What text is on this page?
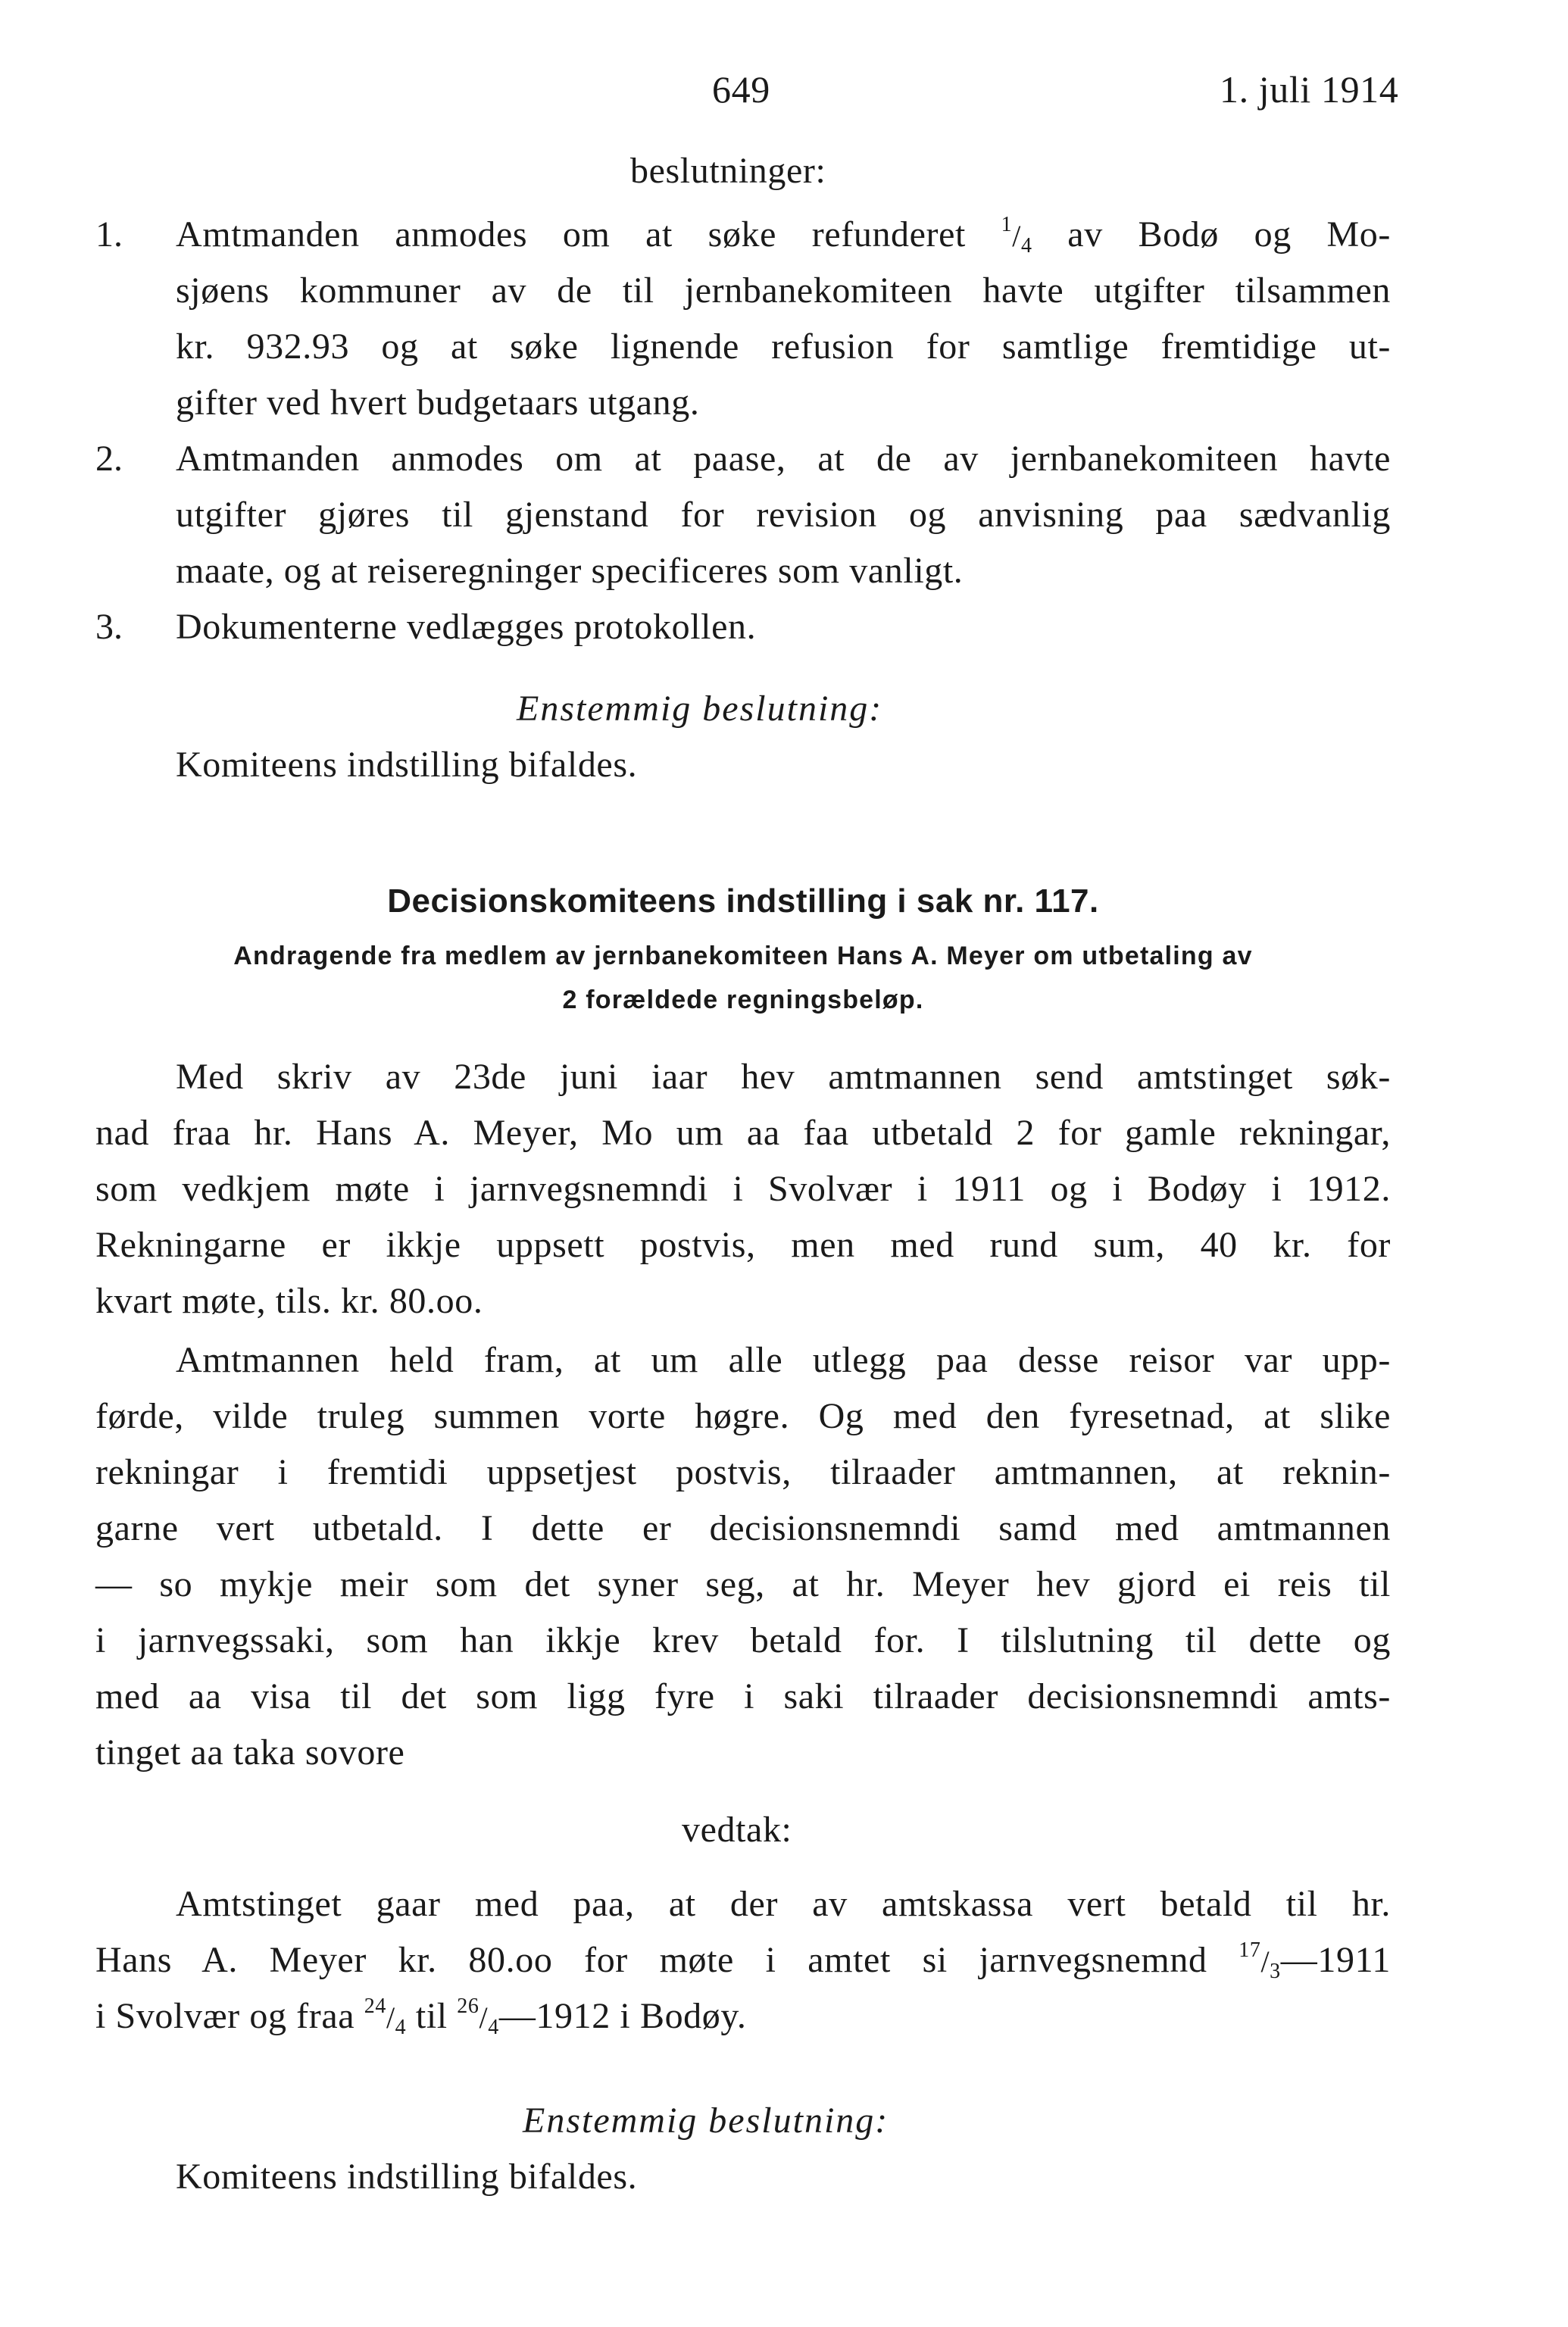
649	1. juli 1914
beslutninger:
1. Amtmanden anmodes om at søke refunderet $^1/_4$ av Bodø og Mo-
sjøens kommuner av de til jernbanekomiteen havte utgifter tilsammen
kr. 932.93 og at søke lignende refusion for samtlige fremtidige ut-
gifter ved hvert budgetaars utgang.
2. Amtmanden anmodes om at paase, at de av jernbanekomiteen havte
utgifter gjøres til gjenstand for revision og anvisning paa sædvanlig
maate, og at reiseregninger specificeres som vanligt.
3. Dokumenterne vedlægges protokollen.
Enstemmig beslutning:
Komiteens indstilling bifaldes.
Decisionskomiteens indstilling i sak nr. 117.
Andragende fra medlem av jernbanekomiteen Hans A. Meyer om utbetaling av
2 forældede regningsbeløp.
Med skriv av 23de juni iaar hev amtmannen send amtstinget søk-
nad fraa hr. Hans A. Meyer, Mo um aa faa utbetald 2 for gamle rekningar,
som vedkjem møte i jarnvegsnemndi i Svolvær i 1911 og i Bodøy i 1912.
Rekningarne er ikkje uppsett postvis, men med rund sum, 40 kr. for
kvart møte, tils. kr. 80.oo.
Amtmannen held fram, at um alle utlegg paa desse reisor var upp-
førde, vilde truleg summen vorte høgre. Og med den fyresetnad, at slike
rekningar i fremtidi uppsetjest postvis, tilraader amtmannen, at reknin-
garne vert utbetald. I dette er decisionsnemndi samd med amtmannen
— so mykje meir som det syner seg, at hr. Meyer hev gjord ei reis til
i jarnvegssaki, som han ikkje krev betald for. I tilslutning til dette og
med aa visa til det som ligg fyre i saki tilraader decisionsnemndi amts-
tinget aa taka sovore
vedtak:
Amtstinget gaar med paa, at der av amtskassa vert betald til hr.
Hans A. Meyer kr. 80.oo for møte i amtet si jarnvegsnemnd $^{17}/_3—1911$
i Svolvær og fraa $^{24}/_4$ til $^{26}/_4—1912$ i Bodøy.
Enstemmig beslutning:
Komiteens indstilling bifaldes.
